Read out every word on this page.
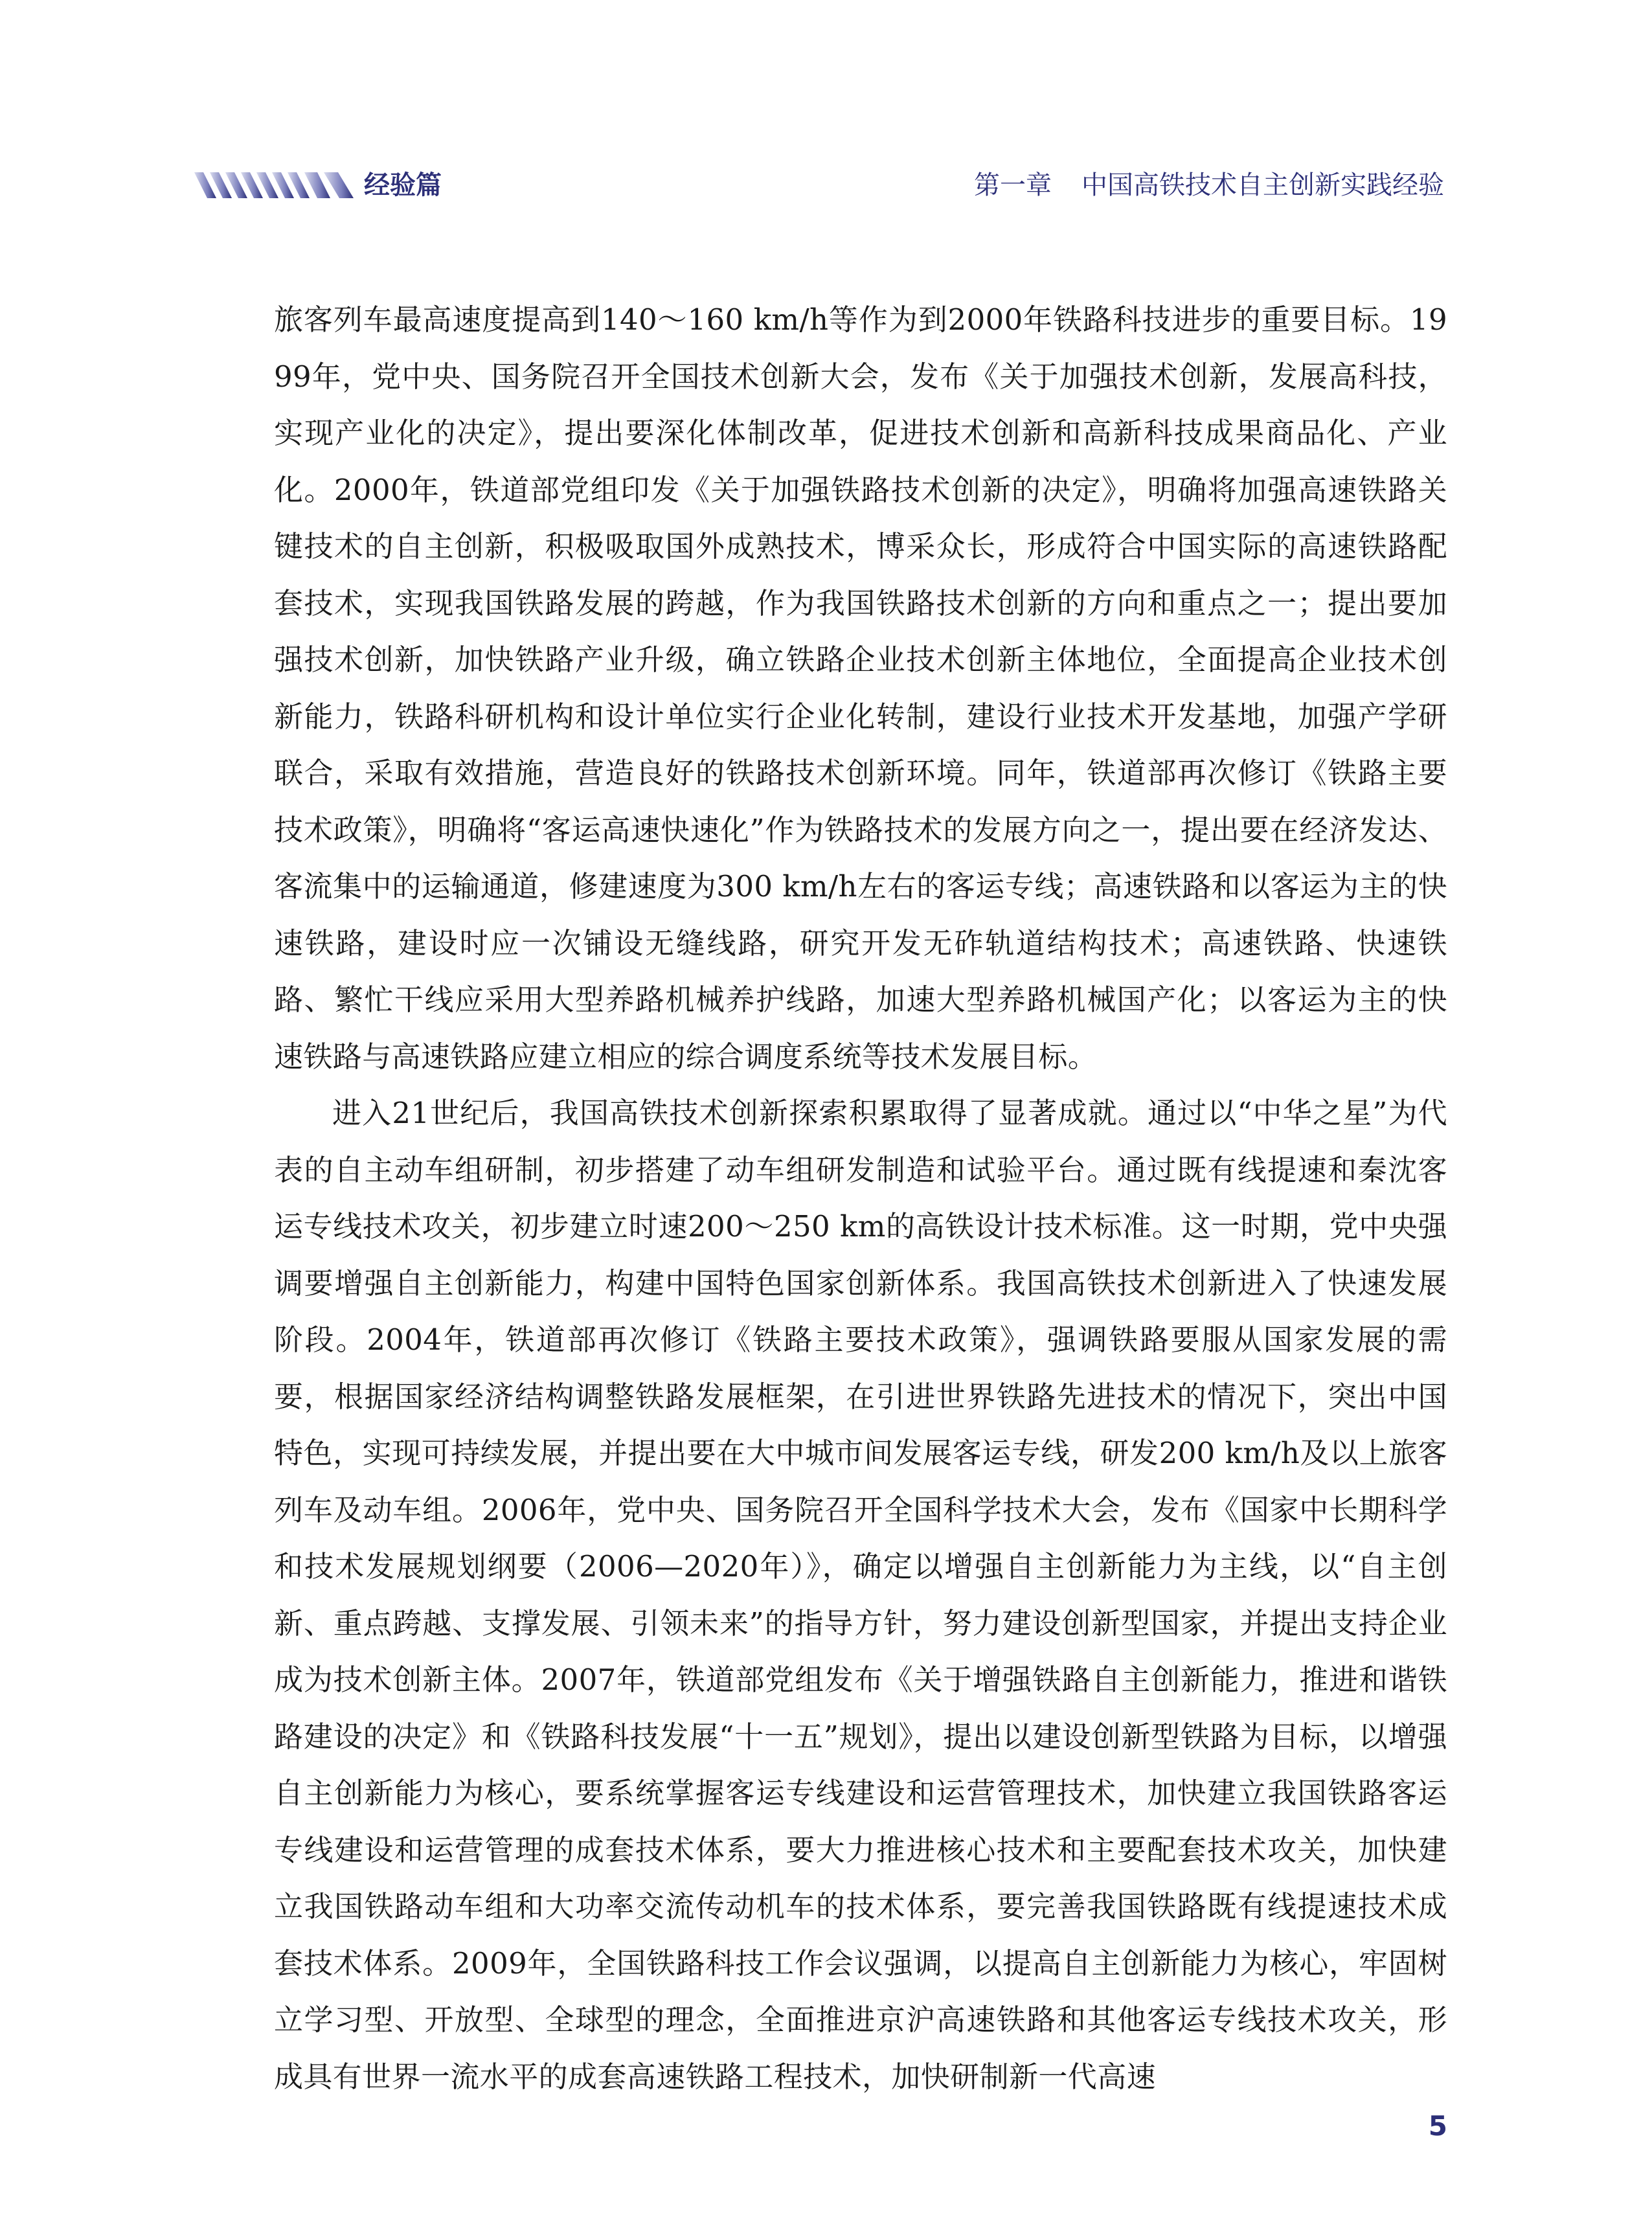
经验篇	第一章 中国高铁技术自主创新实践经验

旅客列车最高速度提高到140～160 km/h等作为到2000年铁路科技进步的重要目标。1999年，党中央、国务院召开全国技术创新大会，发布《关于加强技术创新，发展高科技，实现产业化的决定》，提出要深化体制改革，促进技术创新和高新科技成果商品化、产业化。2000年，铁道部党组印发《关于加强铁路技术创新的决定》，明确将加强高速铁路关键技术的自主创新，积极吸取国外成熟技术，博采众长，形成符合中国实际的高速铁路配套技术，实现我国铁路发展的跨越，作为我国铁路技术创新的方向和重点之一；提出要加强技术创新，加快铁路产业升级，确立铁路企业技术创新主体地位，全面提高企业技术创新能力，铁路科研机构和设计单位实行企业化转制，建设行业技术开发基地，加强产学研联合，采取有效措施，营造良好的铁路技术创新环境。同年，铁道部再次修订《铁路主要技术政策》，明确将“客运高速快速化”作为铁路技术的发展方向之一，提出要在经济发达、客流集中的运输通道，修建速度为300 km/h左右的客运专线；高速铁路和以客运为主的快速铁路，建设时应一次铺设无缝线路，研究开发无砟轨道结构技术；高速铁路、快速铁路、繁忙干线应采用大型养路机械养护线路，加速大型养路机械国产化；以客运为主的快速铁路与高速铁路应建立相应的综合调度系统等技术发展目标。

进入21世纪后，我国高铁技术创新探索积累取得了显著成就。通过以“中华之星”为代表的自主动车组研制，初步搭建了动车组研发制造和试验平台。通过既有线提速和秦沈客运专线技术攻关，初步建立时速200～250 km的高铁设计技术标准。这一时期，党中央强调要增强自主创新能力，构建中国特色国家创新体系。我国高铁技术创新进入了快速发展阶段。2004年，铁道部再次修订《铁路主要技术政策》，强调铁路要服从国家发展的需要，根据国家经济结构调整铁路发展框架，在引进世界铁路先进技术的情况下，突出中国特色，实现可持续发展，并提出要在大中城市间发展客运专线，研发200 km/h及以上旅客列车及动车组。2006年，党中央、国务院召开全国科学技术大会，发布《国家中长期科学和技术发展规划纲要（2006—2020年）》，确定以增强自主创新能力为主线，以“自主创新、重点跨越、支撑发展、引领未来”的指导方针，努力建设创新型国家，并提出支持企业成为技术创新主体。2007年，铁道部党组发布《关于增强铁路自主创新能力，推进和谐铁路建设的决定》和《铁路科技发展“十一五”规划》，提出以建设创新型铁路为目标，以增强自主创新能力为核心，要系统掌握客运专线建设和运营管理技术，加快建立我国铁路客运专线建设和运营管理的成套技术体系，要大力推进核心技术和主要配套技术攻关，加快建立我国铁路动车组和大功率交流传动机车的技术体系，要完善我国铁路既有线提速技术成套技术体系。2009年，全国铁路科技工作会议强调，以提高自主创新能力为核心，牢固树立学习型、开放型、全球型的理念，全面推进京沪高速铁路和其他客运专线技术攻关，形成具有世界一流水平的成套高速铁路工程技术，加快研制新一代高速

5
